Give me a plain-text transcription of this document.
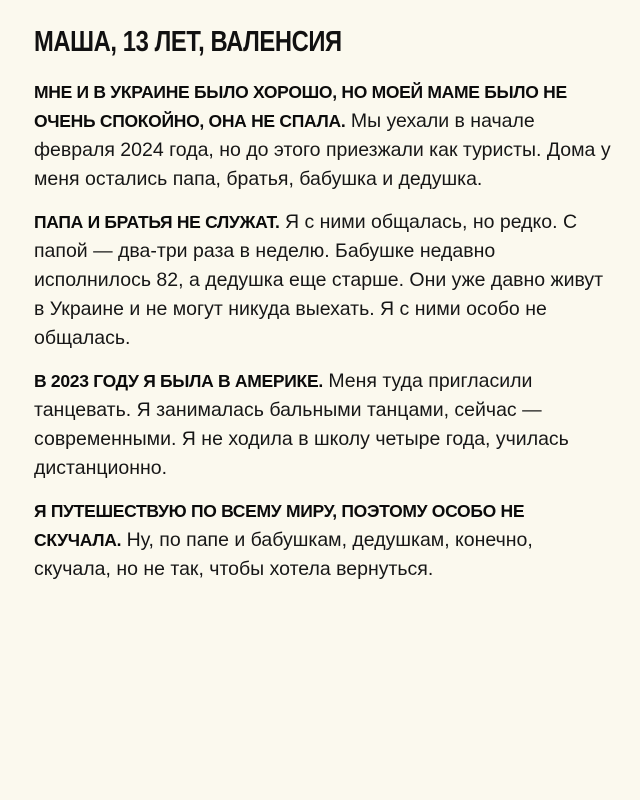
МАША, 13 ЛЕТ, ВАЛЕНСИЯ

МНЕ И В УКРАИНЕ БЫЛО ХОРОШО, НО МОЕЙ МАМЕ БЫЛО НЕ ОЧЕНЬ СПОКОЙНО, ОНА НЕ СПАЛА. Мы уехали в начале февраля 2024 года, но до этого приезжали как туристы. Дома у меня остались папа, братья, бабушка и дедушка.

ПАПА И БРАТЬЯ НЕ СЛУЖАТ. Я с ними общалась, но редко. С папой — два-три раза в неделю. Бабушке недавно исполнилось 82, а дедушка еще старше. Они уже давно живут в Украине и не могут никуда выехать. Я с ними особо не общалась.

В 2023 ГОДУ Я БЫЛА В АМЕРИКЕ. Меня туда пригласили танцевать. Я занималась бальными танцами, сейчас — современными. Я не ходила в школу четыре года, училась дистанционно.

Я ПУТЕШЕСТВУЮ ПО ВСЕМУ МИРУ, ПОЭТОМУ ОСОБО НЕ СКУЧАЛА. Ну, по папе и бабушкам, дедушкам, конечно, скучала, но не так, чтобы хотела вернуться.
